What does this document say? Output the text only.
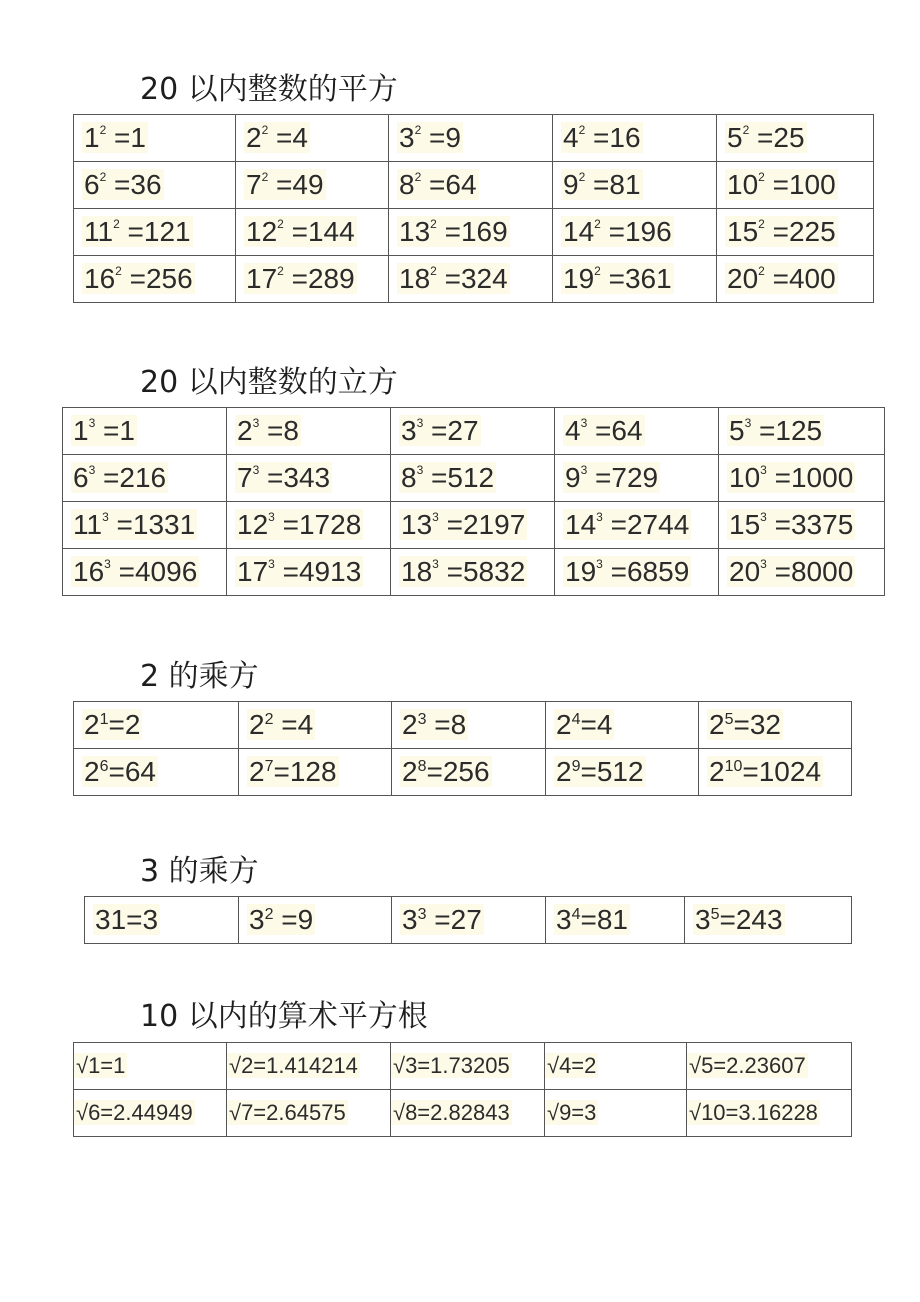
20 以内整数的平方
$1^2 =1$	$2^2 =4$	$3^2 =9$	$4^2 =16$	$5^2 =25$
$6^2 =36$	$7^2 =49$	$8^2 =64$	$9^2 =81$	$10^2 =100$
$11^2 =121$	$12^2 =144$	$13^2 =169$	$14^2 =196$	$15^2 =225$
$16^2 =256$	$17^2 =289$	$18^2 =324$	$19^2 =361$	$20^2 =400$
20 以内整数的立方
$1^3 =1$	$2^3 =8$	$3^3 =27$	$4^3 =64$	$5^3 =125$
$6^3 =216$	$7^3 =343$	$8^3 =512$	$9^3 =729$	$10^3 =1000$
$11^3 =1331$	$12^3 =1728$	$13^3 =2197$	$14^3 =2744$	$15^3 =3375$
$16^3 =4096$	$17^3 =4913$	$18^3 =5832$	$19^3 =6859$	$20^3 =8000$
2 的乘方
$2^1=2$	$2^2 =4$	$2^3 =8$	$2^4=4$	$2^5=32$
$2^6=64$	$2^7=128$	$2^8=256$	$2^9=512$	$2^{10}=1024$
3 的乘方
31=3	$3^2 =9$	$3^3 =27$	$3^4=81$	$3^5=243$
10 以内的算术平方根
√1=1	√2=1.414214	√3=1.73205	√4=2	√5=2.23607
√6=2.44949	√7=2.64575	√8=2.82843	√9=3	√10=3.16228
